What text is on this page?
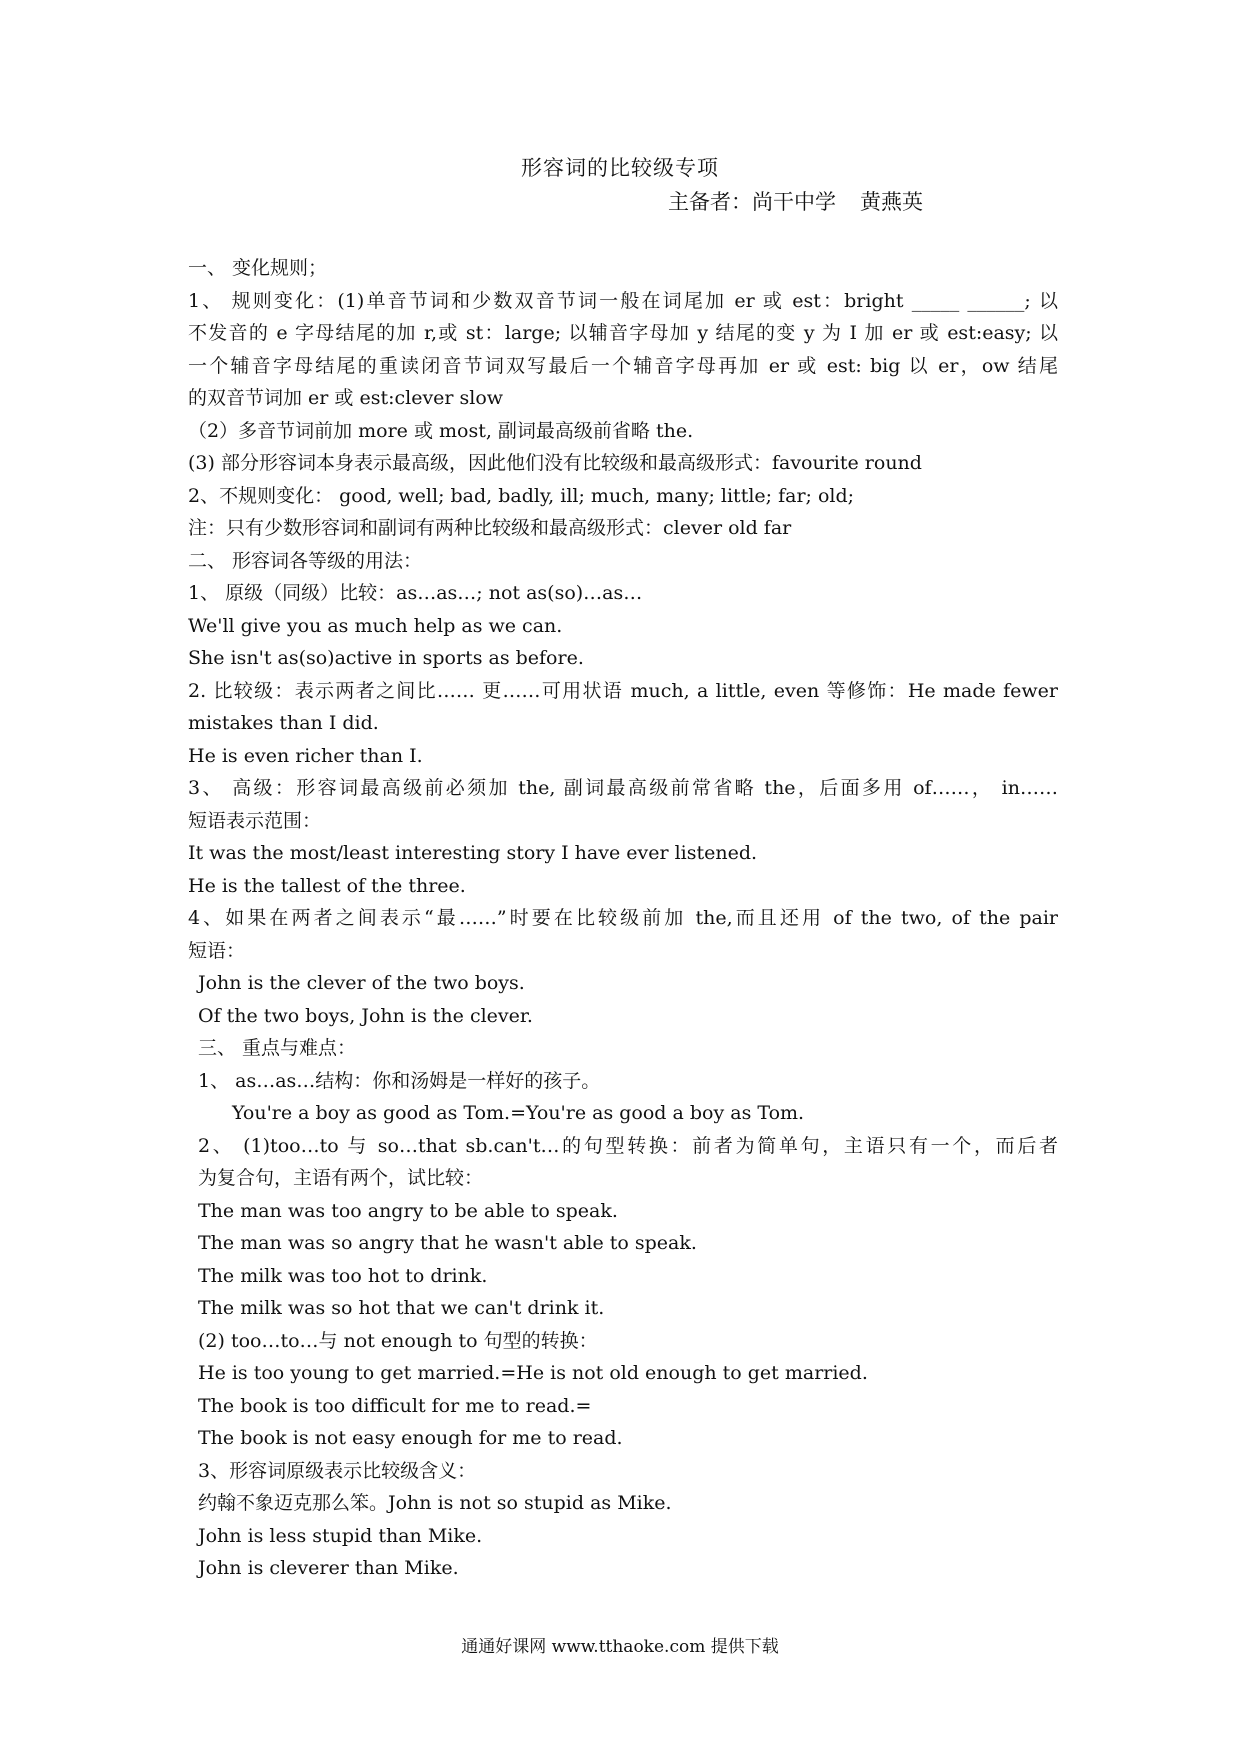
形容词的比较级专项
主备者：尚干中学 黄燕英
一、 变化规则；
1、 规则变化：(1)单音节词和少数双音节词一般在词尾加 er 或 est：bright _____ ______; 以
不发音的 e 字母结尾的加 r,或 st：large; 以辅音字母加 y 结尾的变 y 为 I 加 er 或 est:easy; 以
一个辅音字母结尾的重读闭音节词双写最后一个辅音字母再加 er 或 est: big 以 er，ow 结尾
的双音节词加 er 或 est:clever slow
（2）多音节词前加 more 或 most, 副词最高级前省略 the.
(3) 部分形容词本身表示最高级，因此他们没有比较级和最高级形式：favourite round
2、不规则变化： good, well; bad, badly, ill; much, many; little; far; old;
注：只有少数形容词和副词有两种比较级和最高级形式：clever old far
二、 形容词各等级的用法：
1、 原级（同级）比较：as…as…; not as(so)…as…
We'll give you as much help as we can.
She isn't as(so)active in sports as before.
2. 比较级：表示两者之间比…… 更……可用状语 much, a little, even 等修饰：He made fewer
mistakes than I did.
He is even richer than I.
3、 高级：形容词最高级前必须加 the, 副词最高级前常省略 the，后面多用 of……， in……
短语表示范围：
It was the most/least interesting story I have ever listened.
He is the tallest of the three.
4、如果在两者之间表示“最……”时要在比较级前加 the,而且还用 of the two, of the pair
短语：
John is the clever of the two boys.
Of the two boys, John is the clever.
三、 重点与难点：
1、 as…as…结构：你和汤姆是一样好的孩子。
You're a boy as good as Tom.=You're as good a boy as Tom.
2、 (1)too…to 与 so…that sb.can't…的句型转换：前者为简单句，主语只有一个，而后者
为复合句，主语有两个，试比较：
The man was too angry to be able to speak.
The man was so angry that he wasn't able to speak.
The milk was too hot to drink.
The milk was so hot that we can't drink it.
(2) too…to…与 not enough to 句型的转换：
He is too young to get married.=He is not old enough to get married.
The book is too difficult for me to read.=
The book is not easy enough for me to read.
3、形容词原级表示比较级含义：
约翰不象迈克那么笨。John is not so stupid as Mike.
John is less stupid than Mike.
John is cleverer than Mike.
通通好课网 www.tthaoke.com 提供下载
